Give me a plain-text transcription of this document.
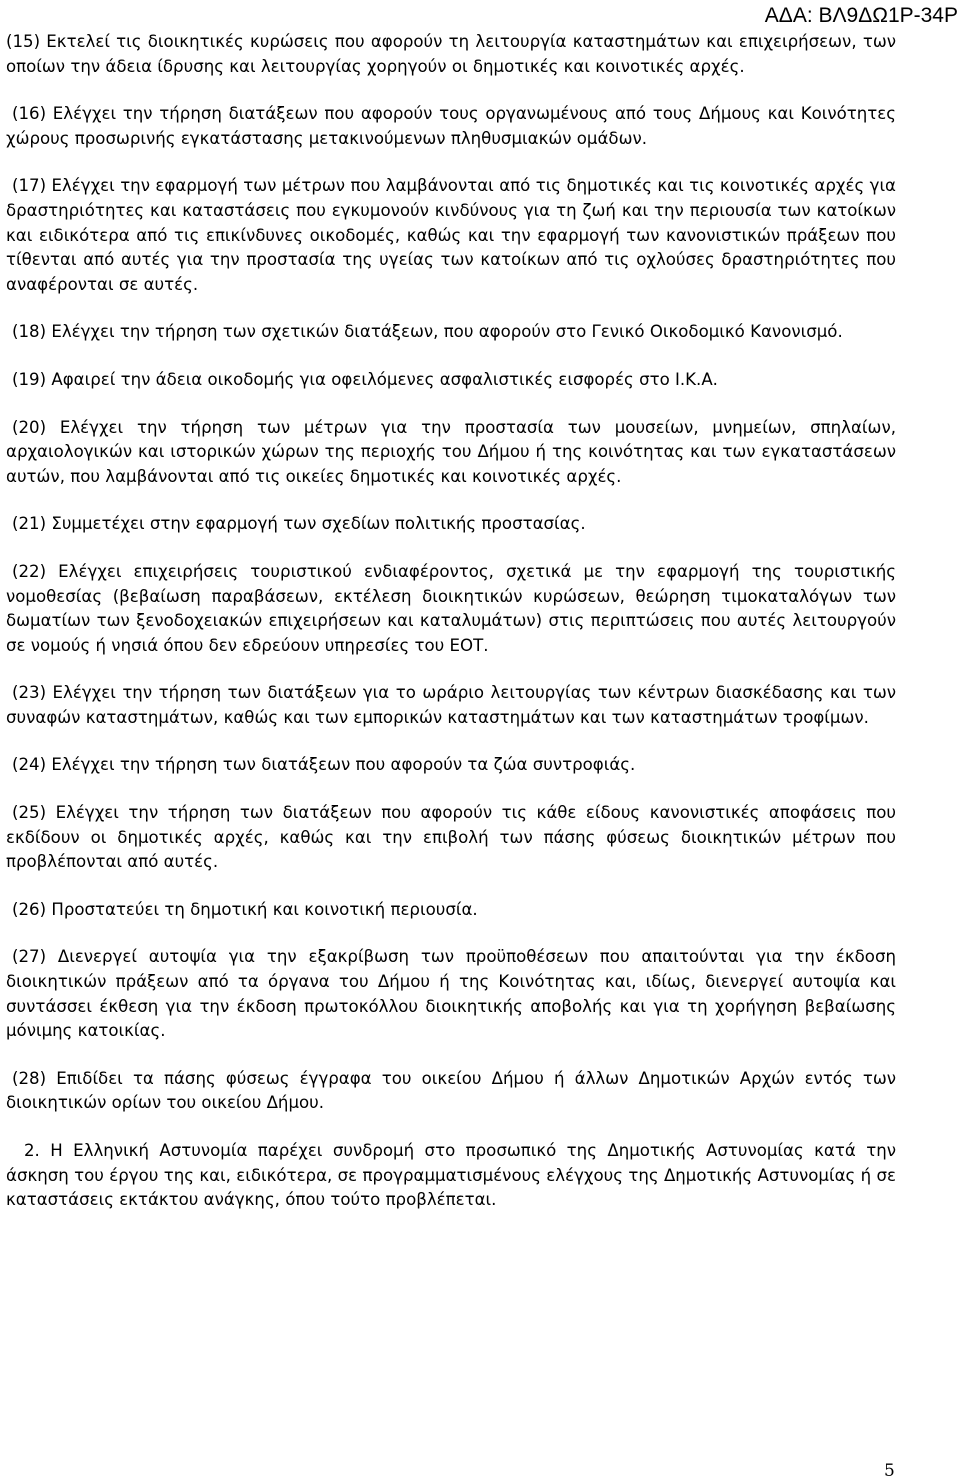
ΑΔΑ: ΒΛ9ΔΩ1Ρ-34Ρ

(15) Εκτελεί τις διοικητικές κυρώσεις που αφορούν τη λειτουργία καταστημάτων και επιχειρήσεων, των οποίων την άδεια ίδρυσης και λειτουργίας χορηγούν οι δημοτικές και κοινοτικές αρχές.

(16) Ελέγχει την τήρηση διατάξεων που αφορούν τους οργανωμένους από τους Δήμους και Κοινότητες χώρους προσωρινής εγκατάστασης μετακινούμενων πληθυσμιακών ομάδων.

(17) Ελέγχει την εφαρμογή των μέτρων που λαμβάνονται από τις δημοτικές και τις κοινοτικές αρχές για δραστηριότητες και καταστάσεις που εγκυμονούν κινδύνους για τη ζωή και την περιουσία των κατοίκων και ειδικότερα από τις επικίνδυνες οικοδομές, καθώς και την εφαρμογή των κανονιστικών πράξεων που τίθενται από αυτές για την προστασία της υγείας των κατοίκων από τις οχλούσες δραστηριότητες που αναφέρονται σε αυτές.

(18) Ελέγχει την τήρηση των σχετικών διατάξεων, που αφορούν στο Γενικό Οικοδομικό Κανονισμό.

(19) Αφαιρεί την άδεια οικοδομής για οφειλόμενες ασφαλιστικές εισφορές στο Ι.Κ.Α.

(20) Ελέγχει την τήρηση των μέτρων για την προστασία των μουσείων, μνημείων, σπηλαίων, αρχαιολογικών και ιστορικών χώρων της περιοχής του Δήμου ή της κοινότητας και των εγκαταστάσεων αυτών, που λαμβάνονται από τις οικείες δημοτικές και κοινοτικές αρχές.

(21) Συμμετέχει στην εφαρμογή των σχεδίων πολιτικής προστασίας.

(22) Ελέγχει επιχειρήσεις τουριστικού ενδιαφέροντος, σχετικά με την εφαρμογή της τουριστικής νομοθεσίας (βεβαίωση παραβάσεων, εκτέλεση διοικητικών κυρώσεων, θεώρηση τιμοκαταλόγων των δωματίων των ξενοδοχειακών επιχειρήσεων και καταλυμάτων) στις περιπτώσεις που αυτές λειτουργούν σε νομούς ή νησιά όπου δεν εδρεύουν υπηρεσίες του ΕΟΤ.

(23) Ελέγχει την τήρηση των διατάξεων για το ωράριο λειτουργίας των κέντρων διασκέδασης και των συναφών καταστημάτων, καθώς και των εμπορικών καταστημάτων και των καταστημάτων τροφίμων.

(24) Ελέγχει την τήρηση των διατάξεων που αφορούν τα ζώα συντροφιάς.

(25) Ελέγχει την τήρηση των διατάξεων που αφορούν τις κάθε είδους κανονιστικές αποφάσεις που εκδίδουν οι δημοτικές αρχές, καθώς και την επιβολή των πάσης φύσεως διοικητικών μέτρων που προβλέπονται από αυτές.

(26) Προστατεύει τη δημοτική και κοινοτική περιουσία.

(27) Διενεργεί αυτοψία για την εξακρίβωση των προϋποθέσεων που απαιτούνται για την έκδοση διοικητικών πράξεων από τα όργανα του Δήμου ή της Κοινότητας και, ιδίως, διενεργεί αυτοψία και συντάσσει έκθεση για την έκδοση πρωτοκόλλου διοικητικής αποβολής και για τη χορήγηση βεβαίωσης μόνιμης κατοικίας.

(28) Επιδίδει τα πάσης φύσεως έγγραφα του οικείου Δήμου ή άλλων Δημοτικών Αρχών εντός των διοικητικών ορίων του οικείου Δήμου.

2. Η Ελληνική Αστυνομία παρέχει συνδρομή στο προσωπικό της Δημοτικής Αστυνομίας κατά την άσκηση του έργου της και, ειδικότερα, σε προγραμματισμένους ελέγχους της Δημοτικής Αστυνομίας ή σε καταστάσεις εκτάκτου ανάγκης, όπου τούτο προβλέπεται.

5
